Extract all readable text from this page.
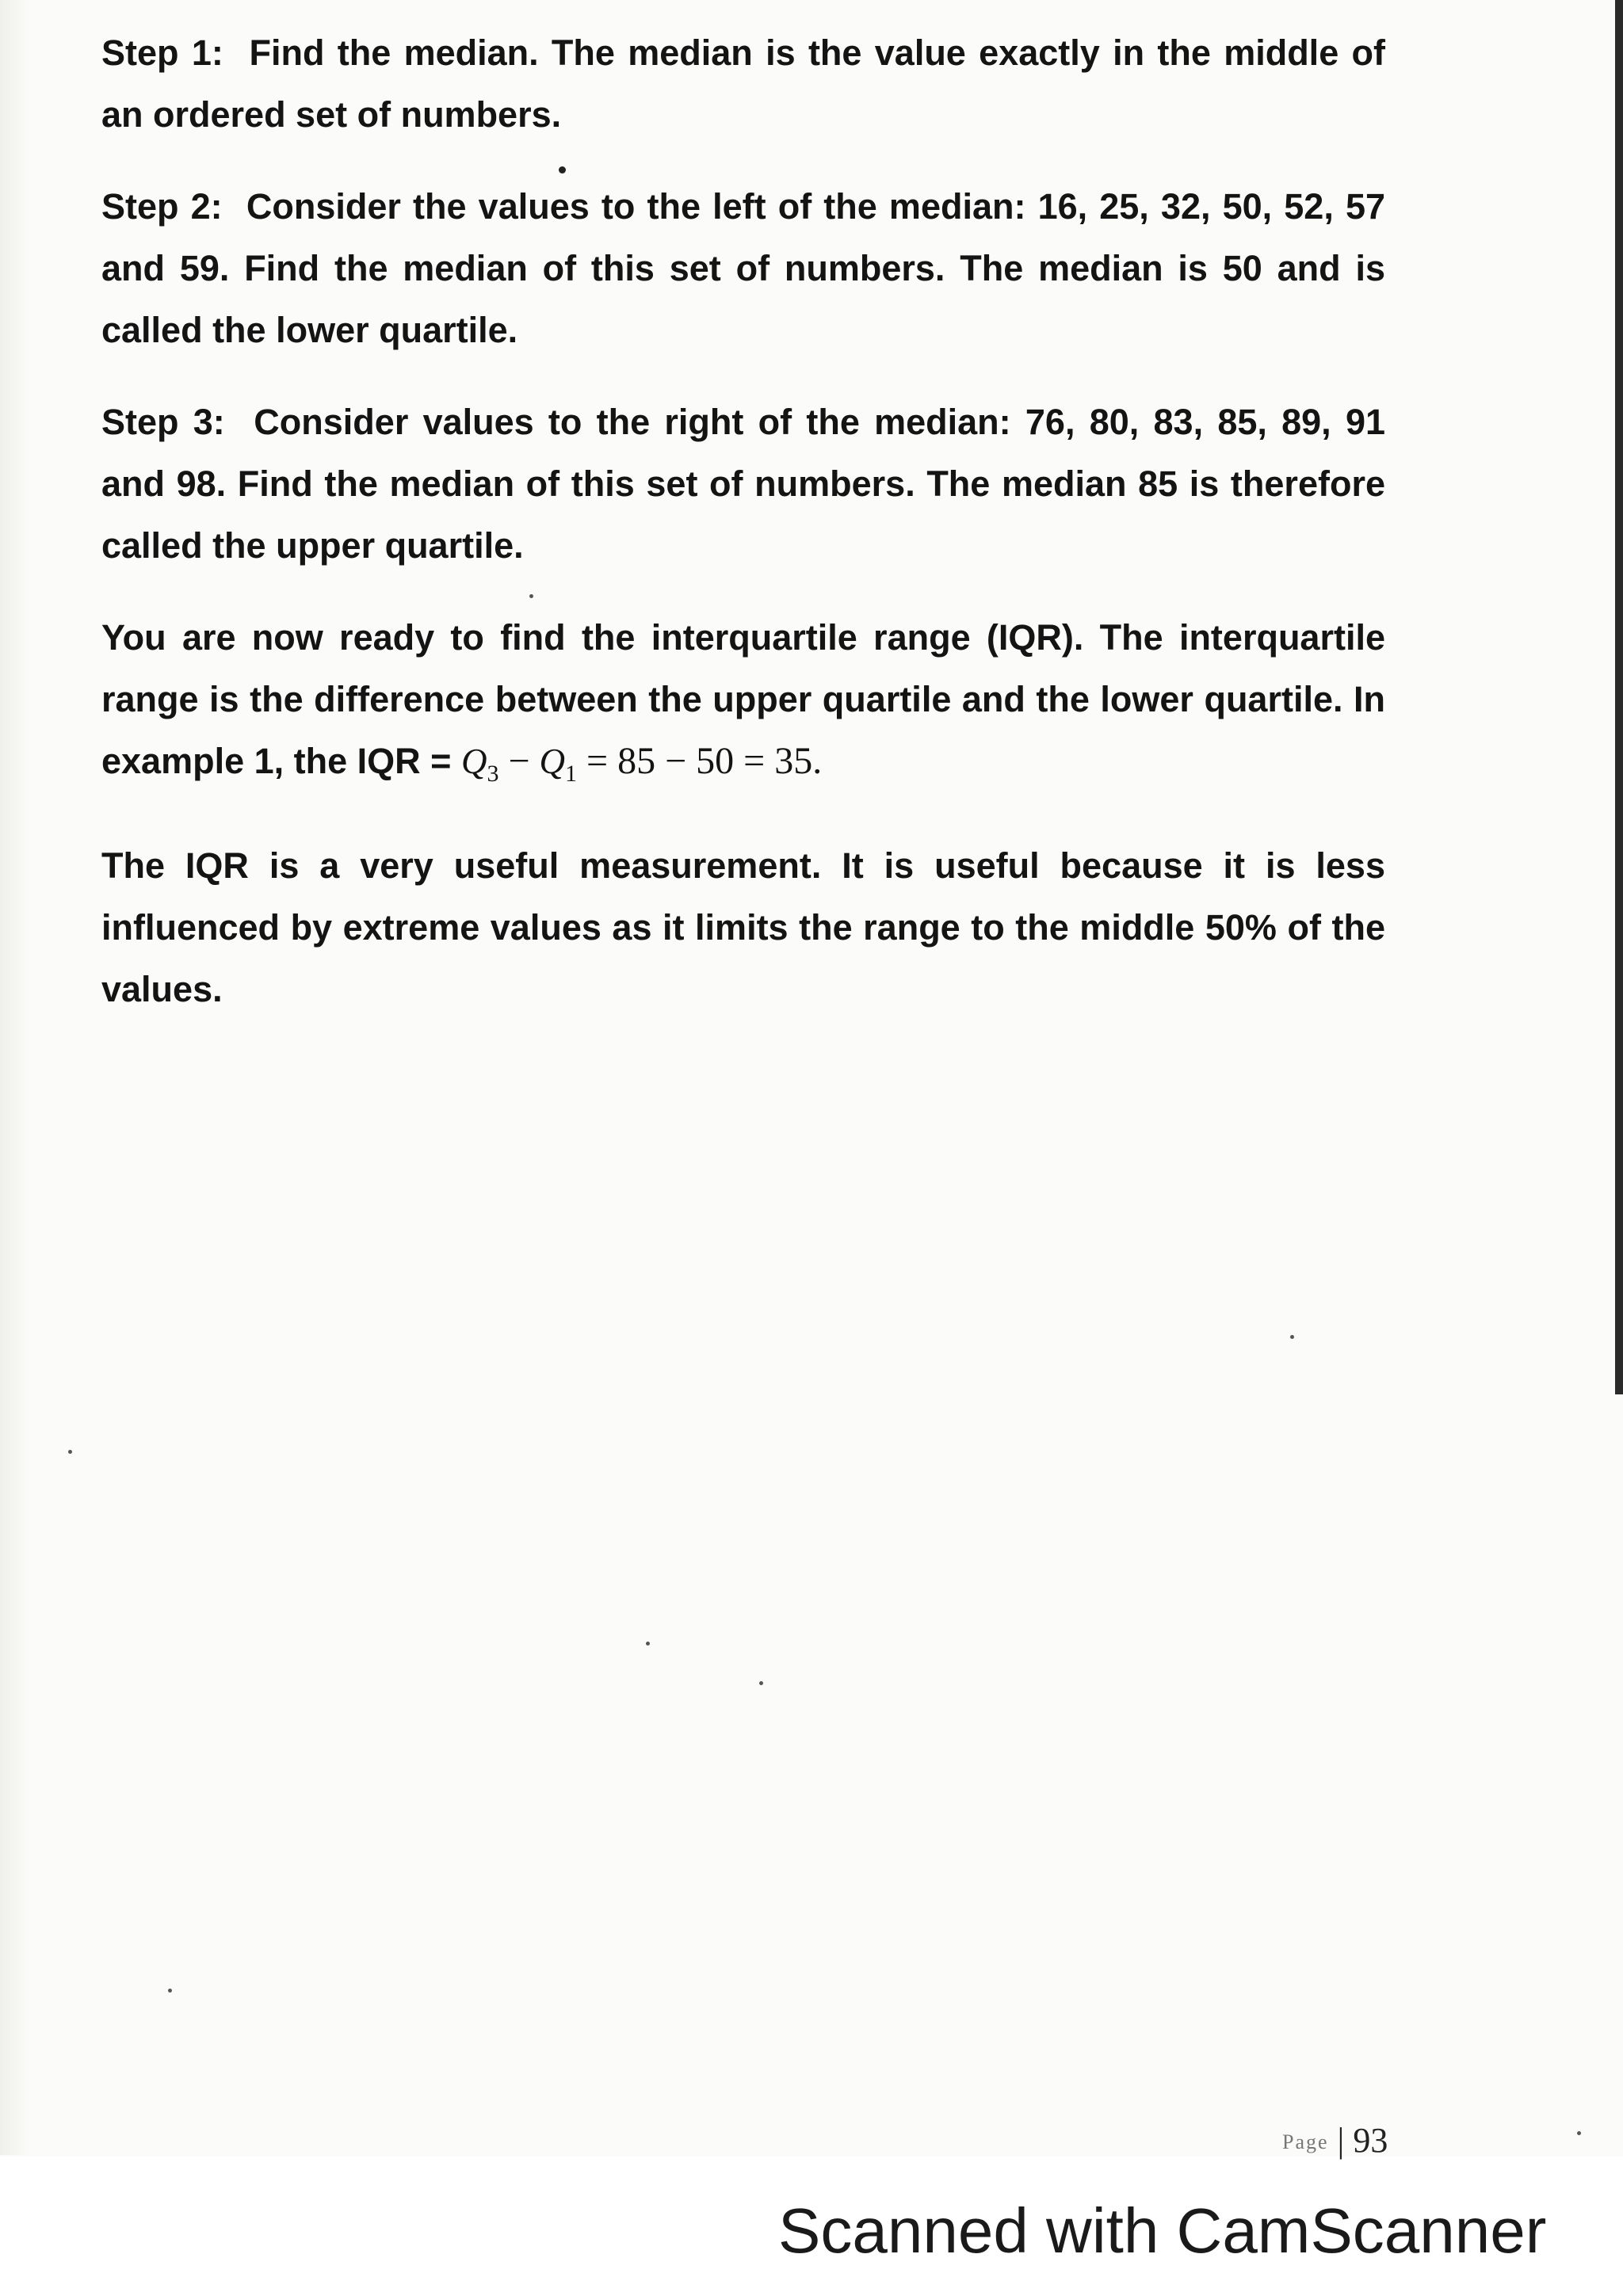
Step 1: Find the median. The median is the value exactly in the middle of an ordered set of numbers.

Step 2: Consider the values to the left of the median: 16, 25, 32, 50, 52, 57 and 59. Find the median of this set of numbers. The median is 50 and is called the lower quartile.

Step 3: Consider values to the right of the median: 76, 80, 83, 85, 89, 91 and 98. Find the median of this set of numbers. The median 85 is therefore called the upper quartile.

You are now ready to find the interquartile range (IQR). The interquartile range is the difference between the upper quartile and the lower quartile. In example 1, the IQR = $Q_3 - Q_1 = 85 - 50 = 35$.

The IQR is a very useful measurement. It is useful because it is less influenced by extreme values as it limits the range to the middle 50% of the values.

Page | 93
Scanned with CamScanner
